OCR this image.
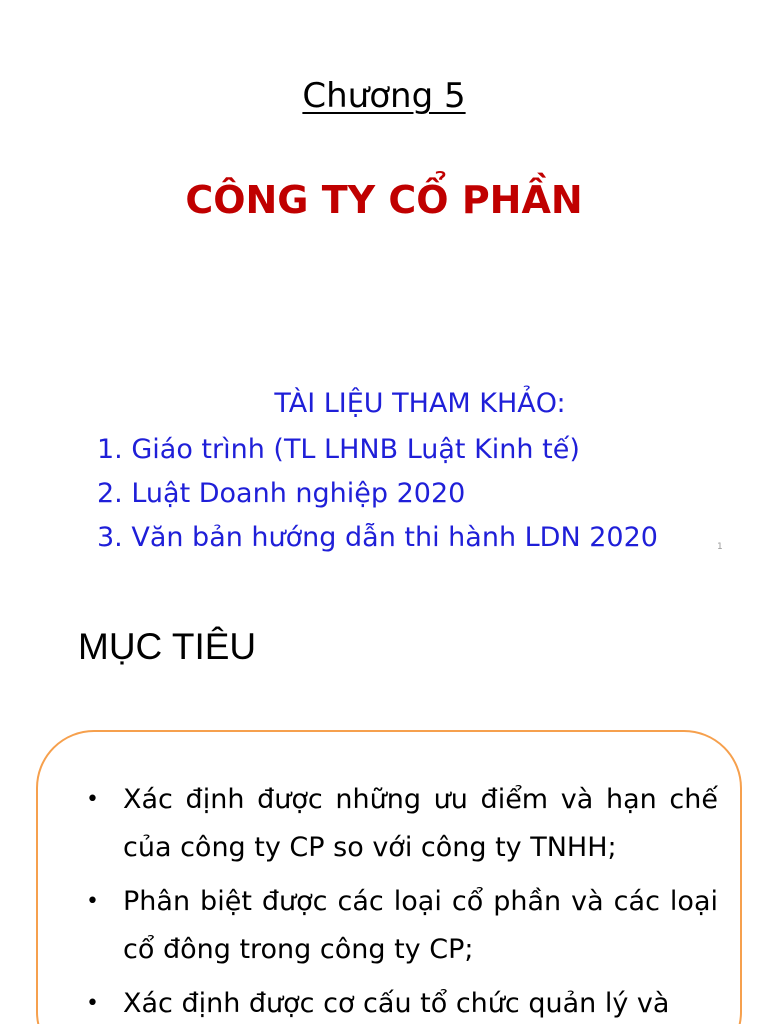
Chương 5
CÔNG TY CỔ PHẦN
TÀI LIỆU THAM KHẢO:
1. Giáo trình (TL LHNB Luật Kinh tế)
2. Luật Doanh nghiệp 2020
3. Văn bản hướng dẫn thi hành LDN 2020	1
MỤC TIÊU
• Xác định được những ưu điểm và hạn chế của công ty CP so với công ty TNHH;
• Phân biệt được các loại cổ phần và các loại cổ đông trong công ty CP;
• Xác định được cơ cấu tổ chức quản lý và
